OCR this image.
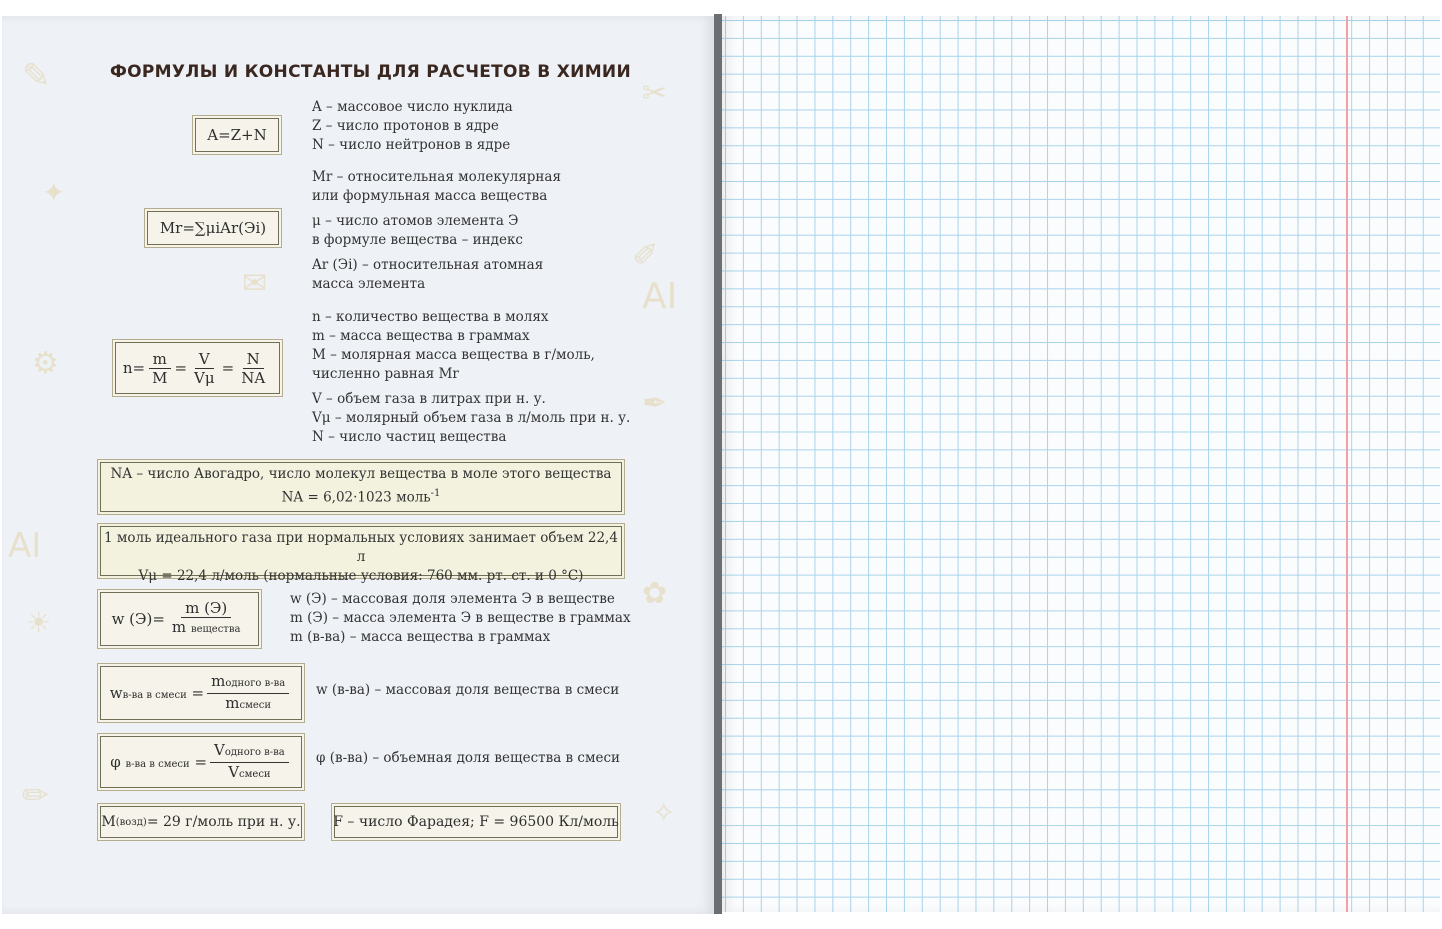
✎	✂
✦
✐
AI
AI
⚙
✒
☀
✉
✿
✏	✧
ФОРМУЛЫ И КОНСТАНТЫ ДЛЯ РАСЧЕТОВ В ХИМИИ
A=Z+N
A – массовое число нуклида
Z – число протонов в ядре
N – число нейтронов в ядре
Mr=∑μiAr(Эi)
Mr – относительная молекулярная
или формульная масса вещества
μ – число атомов элемента Э
в формуле вещества – индекс
Ar (Эi) – относительная атомная
масса элемента
$n= \frac{m}{M} = \frac{V}{V\mu} = \frac{N}{NA}$
n – количество вещества в молях
m – масса вещества в граммах
M – молярная масса вещества в г/моль,
численно равная Mr
V – объем газа в литрах при н. у.
Vμ – молярный объем газа в л/моль при н. у.
N – число частиц вещества
NA – число Авогадро, число молекул вещества в моле этого вещества
NA = 6,02·1023 моль$^{-1}$
1 моль идеального газа при нормальных условиях занимает объем 22,4 л
Vμ = 22,4 л/моль (нормальные условия: 760 мм. рт. ст. и 0 °С)
w $(Э)= \frac{m (Э)}{\text{m вещества}}$	w (Э) – массовая доля элемента Э в веществе
m (Э) – масса элемента Э в веществе в граммах
m (в-ва) – масса вещества в граммах
wв-ва в смеси = $\frac{\text{mодного в-ва}}{\text{mсмеси}}$ w (в-ва) – массовая доля вещества в смеси
φ в-ва в смеси = $\frac{\text{Vодного в-ва}}{\text{Vсмеси}}$ φ (в-ва) – объемная доля вещества в смеси
M (возд) = 29 г/моль при н. у. F – число Фарадея; F = 96500 Кл/моль
